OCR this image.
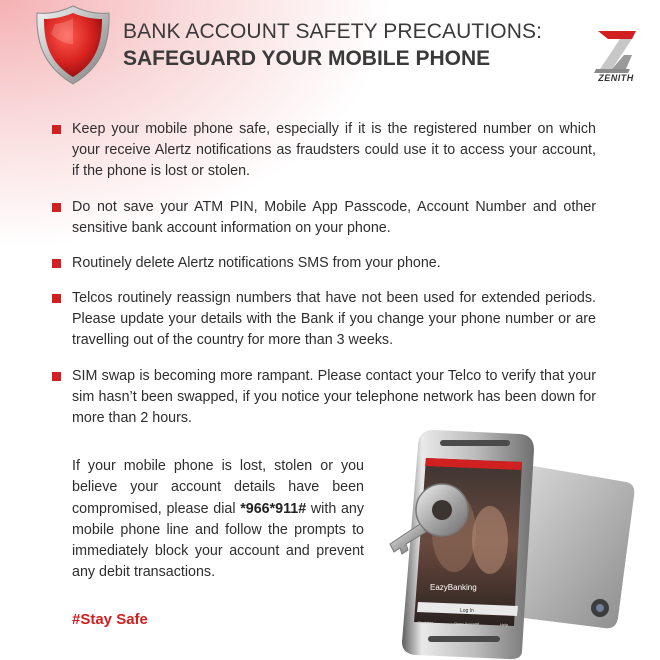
BANK ACCOUNT SAFETY PRECAUTIONS:
SAFEGUARD YOUR MOBILE PHONE
ZENITH
Keep your mobile phone safe, especially if it is the registered number on which your receive Alertz notifications as fraudsters could use it to access your account, if the phone is lost or stolen.
Do not save your ATM PIN, Mobile App Passcode, Account Number and other sensitive bank account information on your phone.
Routinely delete Alertz notifications SMS from your phone.
Telcos routinely reassign numbers that have not been used for extended periods. Please update your details with the Bank if you change your phone number or are travelling out of the country for more than 3 weeks.
SIM swap is becoming more rampant. Please contact your Telco to verify that your sim hasn’t been swapped, if you notice your telephone network has been down for more than 2 hours.
If your mobile phone is lost, stolen or you believe your account details have been compromised, please dial *966*911# with any mobile phone line and follow the prompts to immediately block your account and prevent any debit transactions.
#Stay Safe
EazyBanking
Log In
Register	Open Account	Help
